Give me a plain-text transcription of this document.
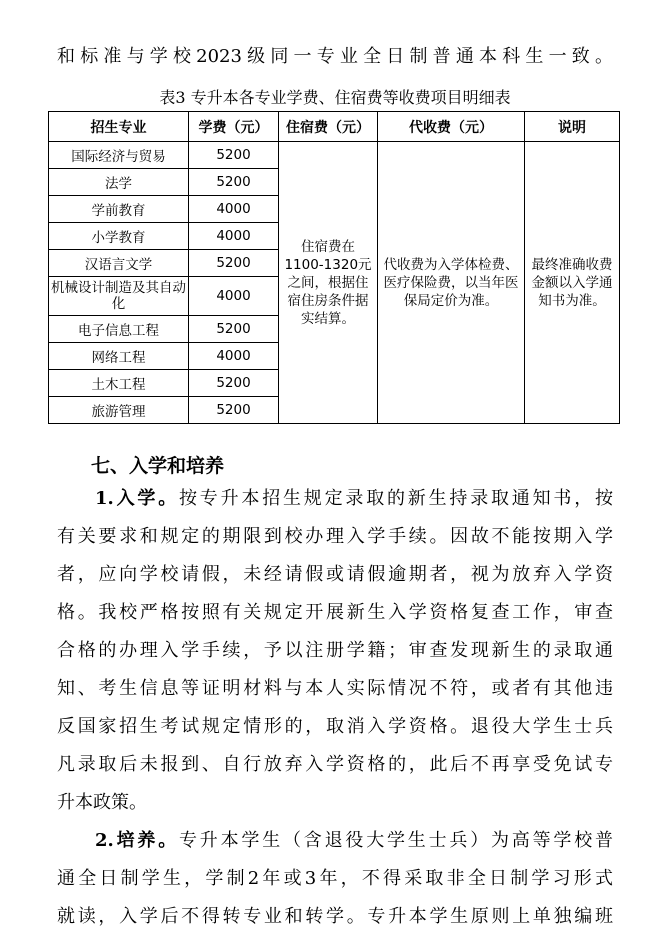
和标准与学校2023级同一专业全日制普通本科生一致。
表3 专升本各专业学费、住宿费等收费项目明细表
招生专业	学费（元）	住宿费（元）	代收费（元）	说明
国际经济与贸易	5200	住宿费在1100-1320元之间，根据住宿住房条件据实结算。	代收费为入学体检费、医疗保险费，以当年医保局定价为准。	最终准确收费金额以入学通知书为准。
法学	5200			
学前教育	4000			
小学教育	4000			
汉语言文学	5200			
机械设计制造及其自动化	4000			
电子信息工程	5200			
网络工程	4000			
土木工程	5200			
旅游管理	5200			
七、入学和培养
1.入学。按专升本招生规定录取的新生持录取通知书，按
有关要求和规定的期限到校办理入学手续。因故不能按期入学
者，应向学校请假，未经请假或请假逾期者，视为放弃入学资
格。我校严格按照有关规定开展新生入学资格复查工作，审查
合格的办理入学手续，予以注册学籍；审查发现新生的录取通
知、考生信息等证明材料与本人实际情况不符，或者有其他违
反国家招生考试规定情形的，取消入学资格。退役大学生士兵
凡录取后未报到、自行放弃入学资格的，此后不再享受免试专
升本政策。
2.培养。专升本学生（含退役大学生士兵）为高等学校普
通全日制学生，学制2年或3年，不得采取非全日制学习形式
就读，入学后不得转专业和转学。专升本学生原则上单独编班
